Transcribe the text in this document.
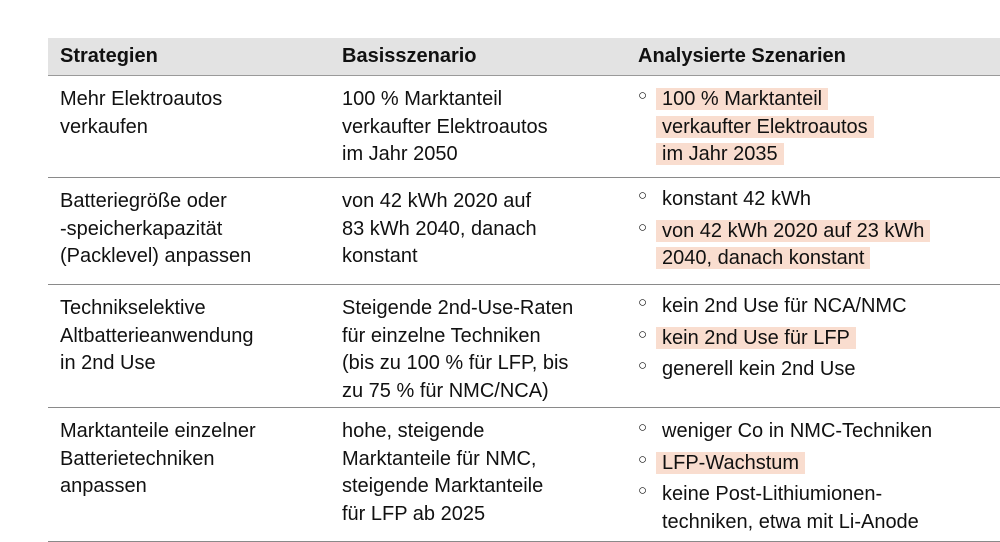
Strategien	Basisszenario	Analysierte Szenarien
Mehr Elektroautos
verkaufen
100 % Marktanteil
verkaufter Elektroautos
im Jahr 2050
○ 100 % Marktanteil
verkaufter Elektroautos
im Jahr 2035
Batteriegröße oder
-speicherkapazität
(Packlevel) anpassen
von 42 kWh 2020 auf
83 kWh 2040, danach
konstant
○ konstant 42 kWh
○ von 42 kWh 2020 auf 23 kWh
2040, danach konstant
Technikselektive
Altbatterieanwendung
in 2nd Use
Steigende 2nd-Use-Raten
für einzelne Techniken
(bis zu 100 % für LFP, bis
zu 75 % für NMC/NCA)
○ kein 2nd Use für NCA/NMC
○ kein 2nd Use für LFP
○ generell kein 2nd Use
Marktanteile einzelner
Batterietechniken
anpassen
hohe, steigende
Marktanteile für NMC,
steigende Marktanteile
für LFP ab 2025
○ weniger Co in NMC-Techniken
○ LFP-Wachstum
○ keine Post-Lithiumionen-
techniken, etwa mit Li-Anode
